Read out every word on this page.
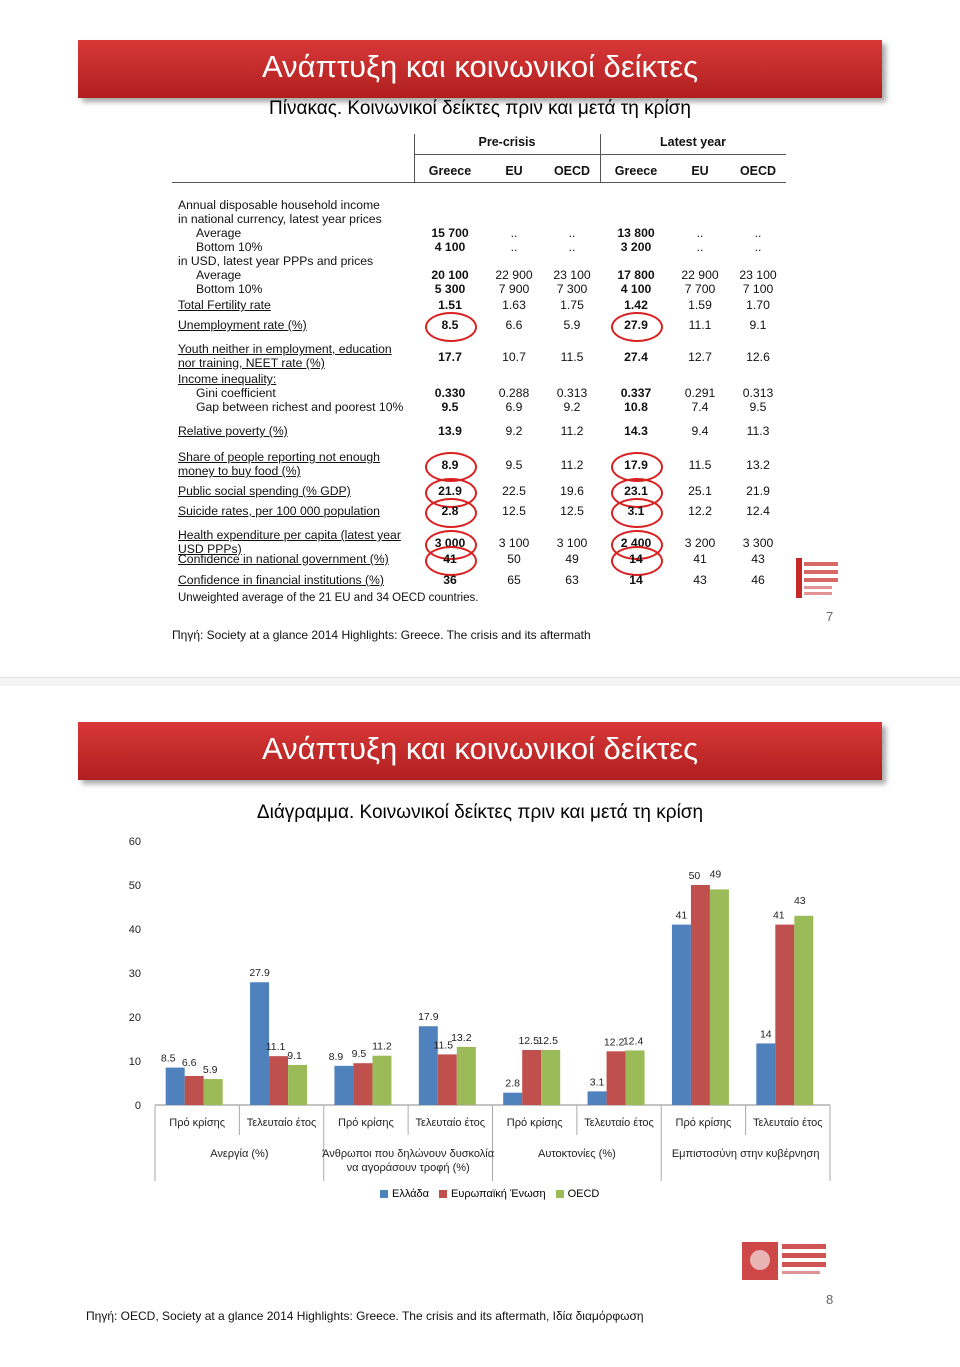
Ανάπτυξη και κοινωνικοί δείκτες
Πίνακας. Κοινωνικοί δείκτες πριν και μετά τη κρίση
Pre-crisis	Latest year
Greece	EU	OECD	Greece	EU	OECD
Annual disposable household income
in national currency, latest year prices
Average	15 700	..	..	13 800	..	..
Bottom 10%	4 100	..	..	3 200	..	..
in USD, latest year PPPs and prices
Average	20 100	22 900	23 100	17 800	22 900	23 100
Bottom 10%	5 300	7 900	7 300	4 100	7 700	7 100
Total Fertility rate	1.51	1.63	1.75	1.42	1.59	1.70
Unemployment rate (%)	8.5	6.6	5.9	27.9	11.1	9.1
Youth neither in employment, education nor training, NEET rate (%)	17.7	10.7	11.5	27.4	12.7	12.6
Income inequality:
Gini coefficient	0.330	0.288	0.313	0.337	0.291	0.313
Gap between richest and poorest 10%	9.5	6.9	9.2	10.8	7.4	9.5
Relative poverty (%)	13.9	9.2	11.2	14.3	9.4	11.3
Share of people reporting not enough money to buy food (%)	8.9	9.5	11.2	17.9	11.5	13.2
Public social spending (% GDP)	21.9	22.5	19.6	23.1	25.1	21.9
Suicide rates, per 100 000 population	2.8	12.5	12.5	3.1	12.2	12.4
Health expenditure per capita (latest year USD PPPs)	3 000	3 100	3 100	2 400	3 200	3 300
Confidence in national government (%)	41	50	49	14	41	43
Confidence in financial institutions (%)	36	65	63	14	43	46
Unweighted average of the 21 EU and 34 OECD countries.
Πηγή: Society at a glance 2014 Highlights: Greece. The crisis and its aftermath
7
Ανάπτυξη και κοινωνικοί δείκτες
Διάγραμμα. Κοινωνικοί δείκτες πριν και μετά τη κρίση
0
10
20
30
40
50
60
8.5 6.6
5.9
Πρό κρίσης
27.9
11.1
9.1
Τελευταίο έτος
8.9 9.5
11.2
Πρό κρίσης
17.9
11.5
13.2
Τελευταίο έτος
2.8
12.5
12.5
Πρό κρίσης
3.1
12.2
12.4
Τελευταίο έτος
41
50 49
Πρό κρίσης
14
41
43
Τελευταίο έτος
Ανεργία (%)	Άνθρωποι που δηλώνουν δυσκολία
να αγοράσουν τροφή (%)
Αυτοκτονίες (%)	Εμπιστοσύνη στην κυβέρνηση
Ελλάδα Ευρωπαϊκή Ένωση OECD
Πηγή: OECD, Society at a glance 2014 Highlights: Greece. The crisis and its aftermath, Ιδία διαμόρφωση
8
